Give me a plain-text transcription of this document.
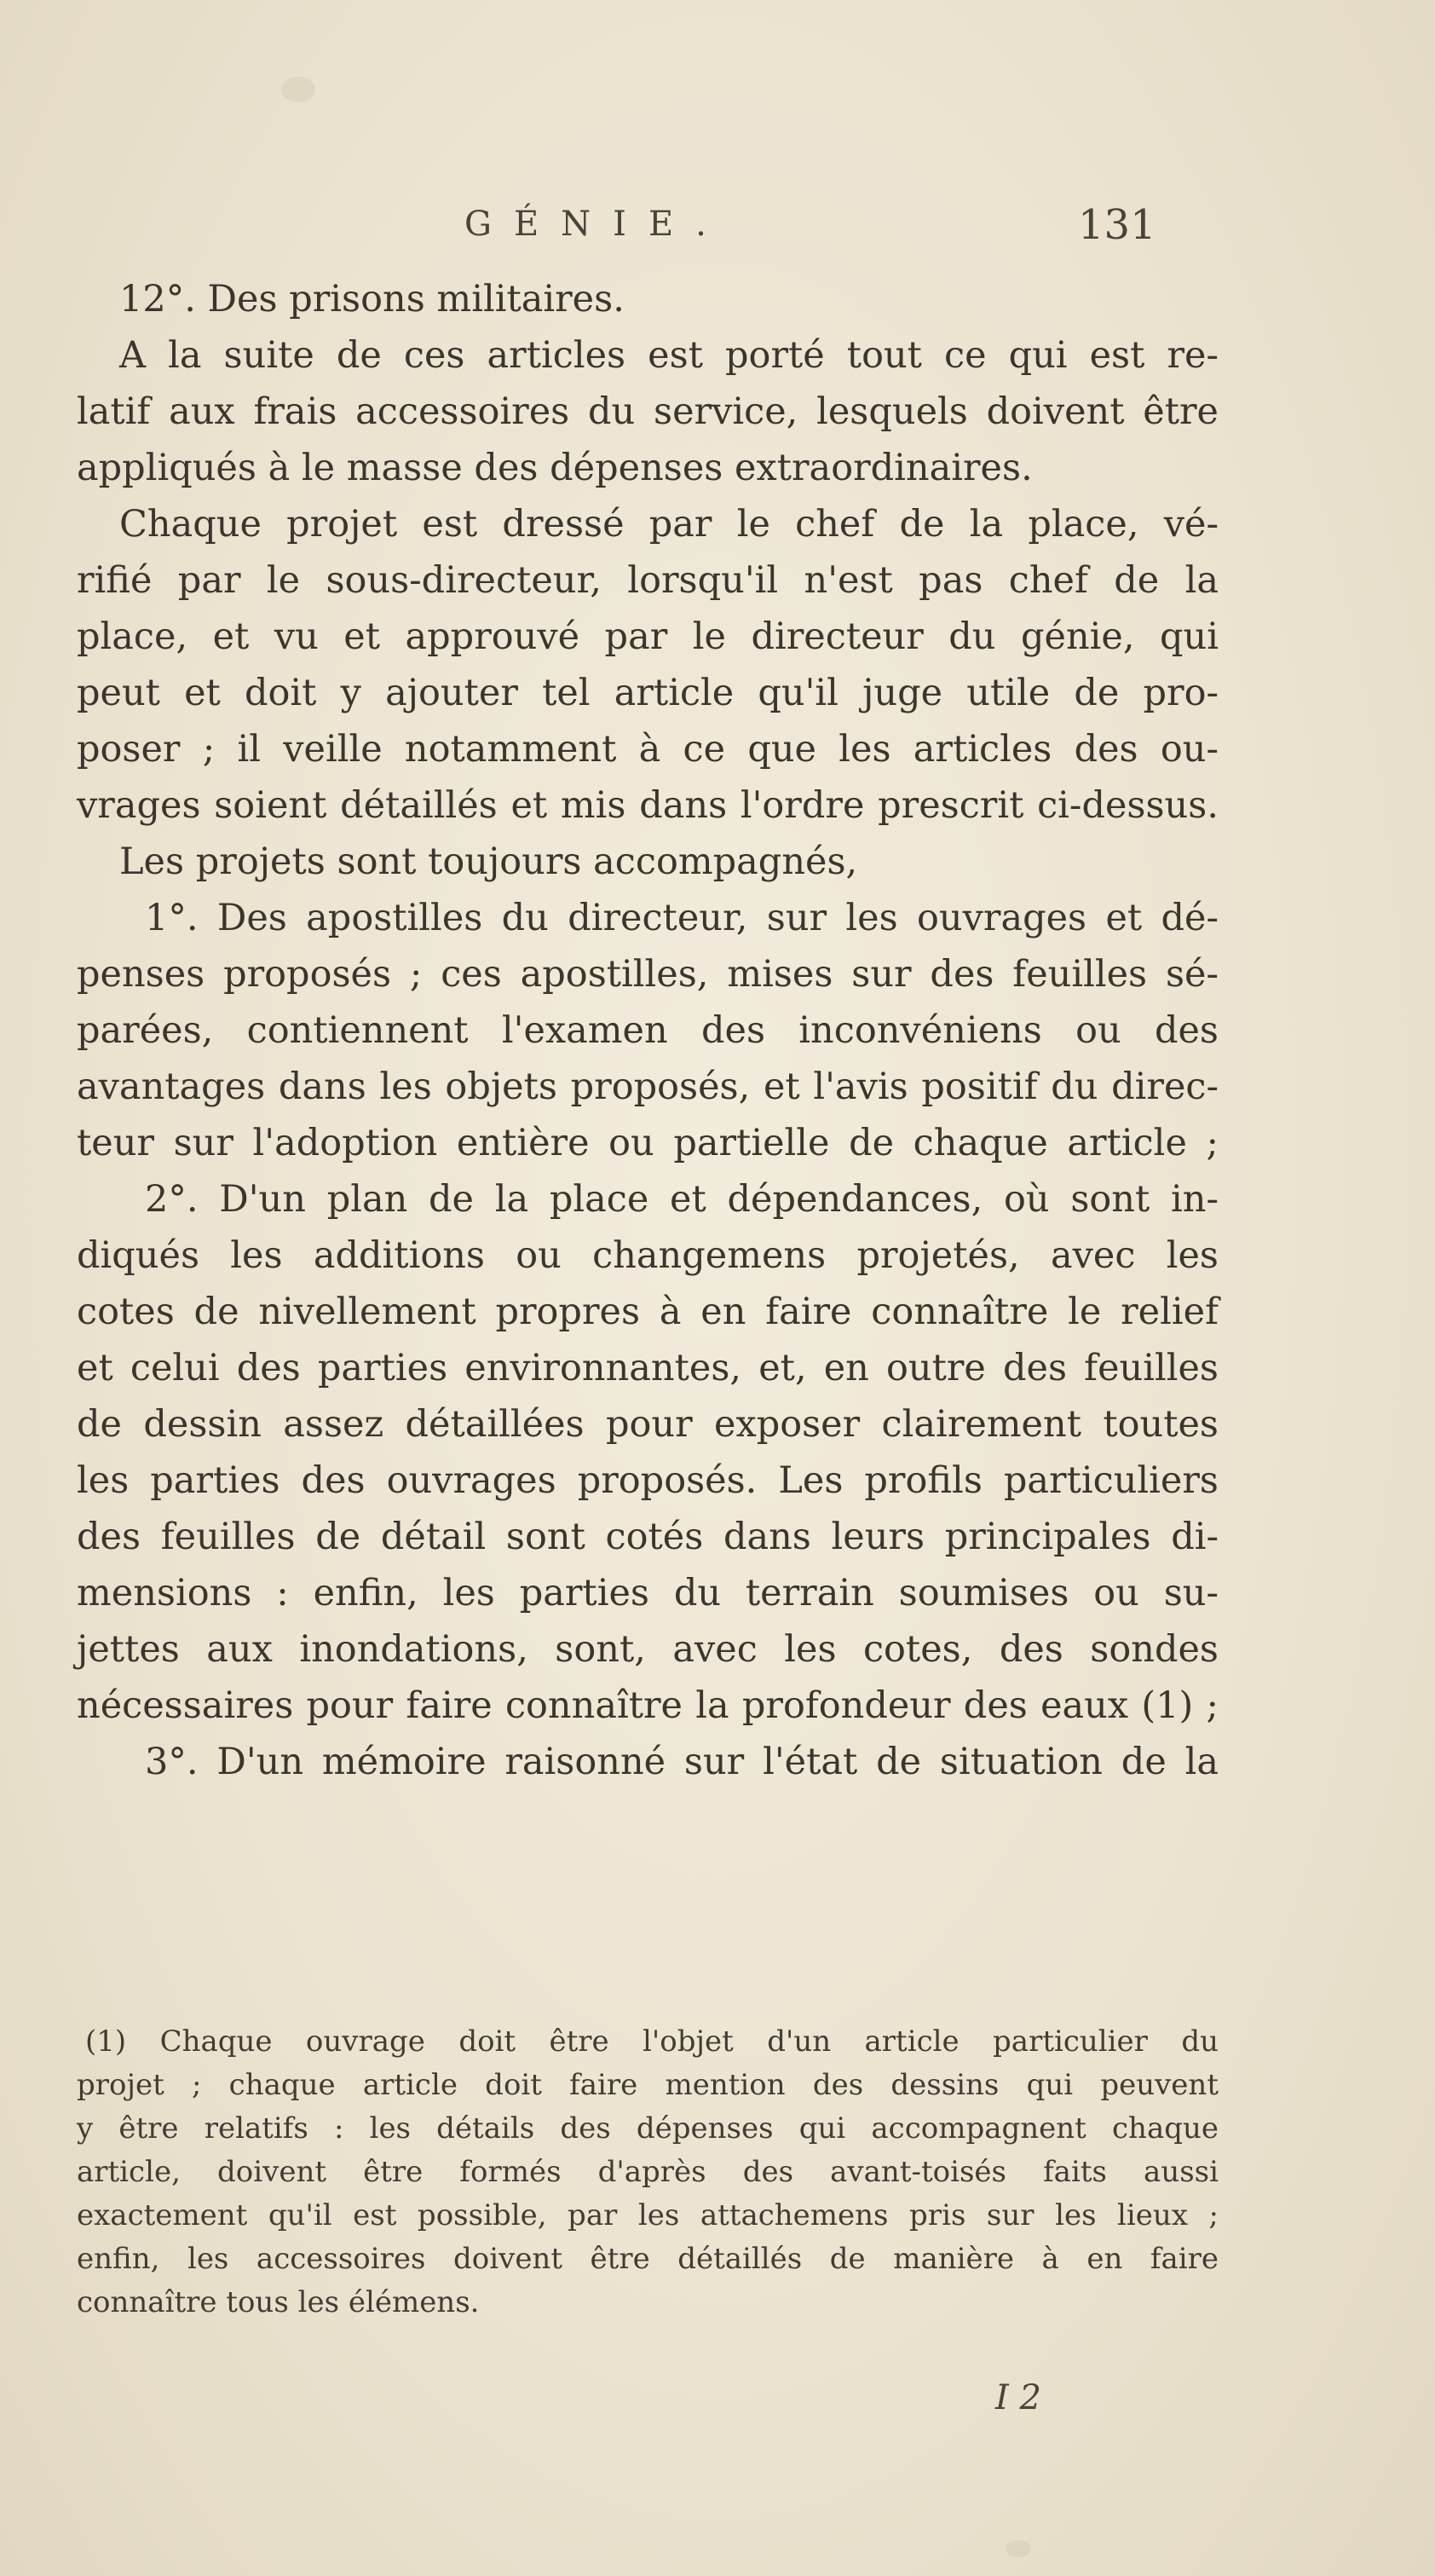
GÉNIE.	131
12°. Des prisons militaires.
A la suite de ces articles est porté tout ce qui est re-
latif aux frais accessoires du service, lesquels doivent être
appliqués à le masse des dépenses extraordinaires.
Chaque projet est dressé par le chef de la place, vé-
rifié par le sous-directeur, lorsqu'il n'est pas chef de la
place, et vu et approuvé par le directeur du génie, qui
peut et doit y ajouter tel article qu'il juge utile de pro-
poser ; il veille notamment à ce que les articles des ou-
vrages soient détaillés et mis dans l'ordre prescrit ci-dessus.
Les projets sont toujours accompagnés,
1°. Des apostilles du directeur, sur les ouvrages et dé-
penses proposés ; ces apostilles, mises sur des feuilles sé-
parées, contiennent l'examen des inconvéniens ou des
avantages dans les objets proposés, et l'avis positif du direc-
teur sur l'adoption entière ou partielle de chaque article ;
2°. D'un plan de la place et dépendances, où sont in-
diqués les additions ou changemens projetés, avec les
cotes de nivellement propres à en faire connaître le relief
et celui des parties environnantes, et, en outre des feuilles
de dessin assez détaillées pour exposer clairement toutes
les parties des ouvrages proposés. Les profils particuliers
des feuilles de détail sont cotés dans leurs principales di-
mensions : enfin, les parties du terrain soumises ou su-
jettes aux inondations, sont, avec les cotes, des sondes
nécessaires pour faire connaître la profondeur des eaux (1) ;
3°. D'un mémoire raisonné sur l'état de situation de la
(1) Chaque ouvrage doit être l'objet d'un article particulier du
projet ; chaque article doit faire mention des dessins qui peuvent
y être relatifs : les détails des dépenses qui accompagnent chaque
article, doivent être formés d'après des avant-toisés faits aussi
exactement qu'il est possible, par les attachemens pris sur les lieux ;
enfin, les accessoires doivent être détaillés de manière à en faire
connaître tous les élémens.
I 2
